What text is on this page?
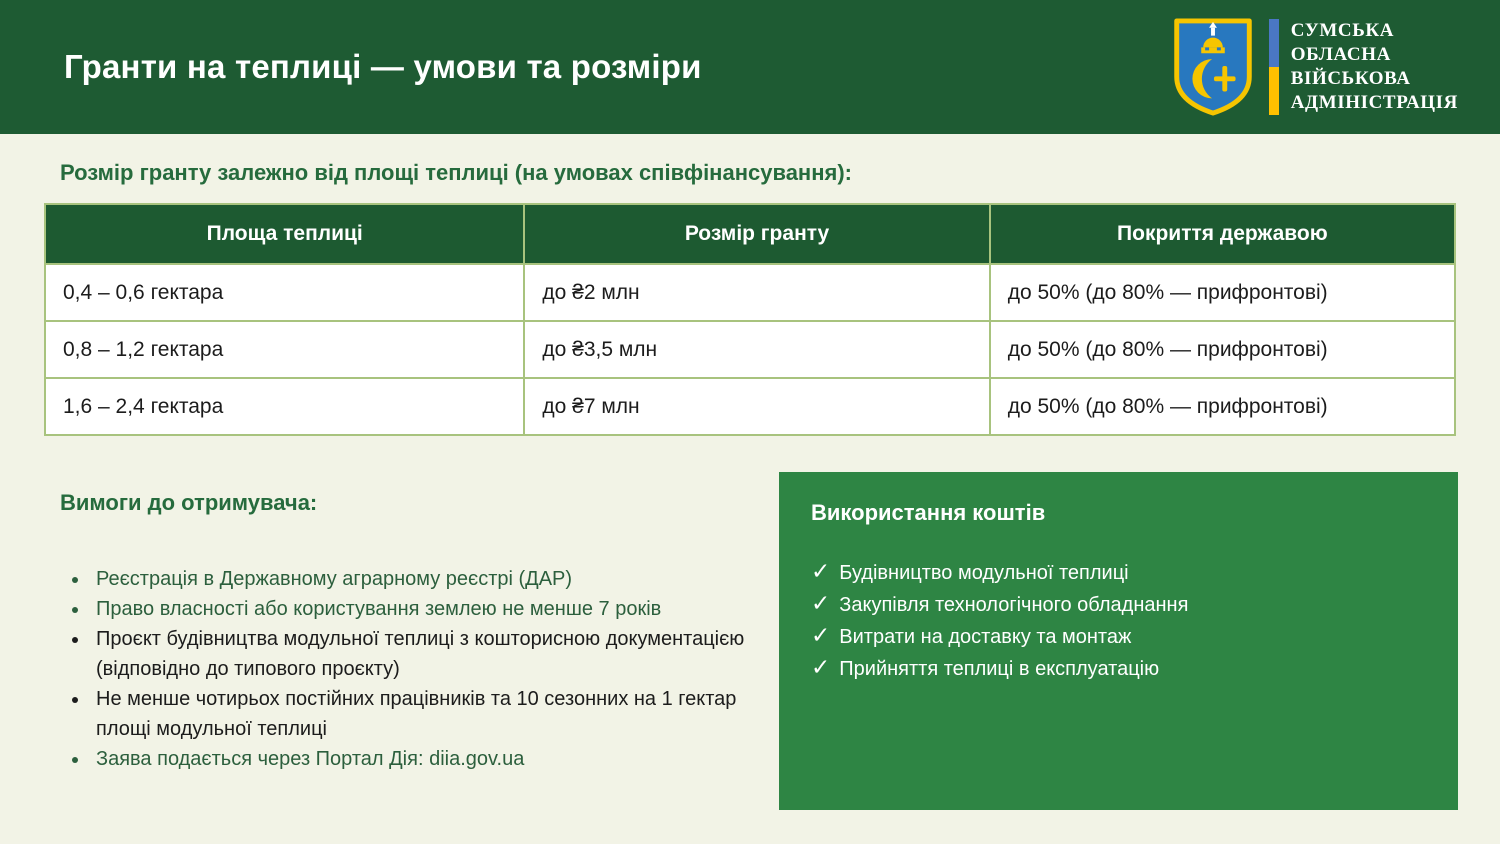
Гранти на теплиці — умови та розміри
СУМСЬКА
ОБЛАСНА
ВІЙСЬКОВА
АДМІНІСТРАЦІЯ
Розмір гранту залежно від площі теплиці (на умовах співфінансування):
Площа теплиці	Розмір гранту	Покриття державою
0,4 – 0,6 гектара	до ₴2 млн	до 50% (до 80% — прифронтові)
0,8 – 1,2 гектара	до ₴3,5 млн	до 50% (до 80% — прифронтові)
1,6 – 2,4 гектара	до ₴7 млн	до 50% (до 80% — прифронтові)
Вимоги до отримувача:
• Реєстрація в Державному аграрному реєстрі (ДАР)
• Право власності або користування землею не менше 7 років
• Проєкт будівництва модульної теплиці з кошторисною документацією (відповідно до типового проєкту)
• Не менше чотирьох постійних працівників та 10 сезонних на 1 гектар площі модульної теплиці
• Заява подається через Портал Дія: diia.gov.ua
Використання коштів
✓ Будівництво модульної теплиці
✓ Закупівля технологічного обладнання
✓ Витрати на доставку та монтаж
✓ Прийняття теплиці в експлуатацію
